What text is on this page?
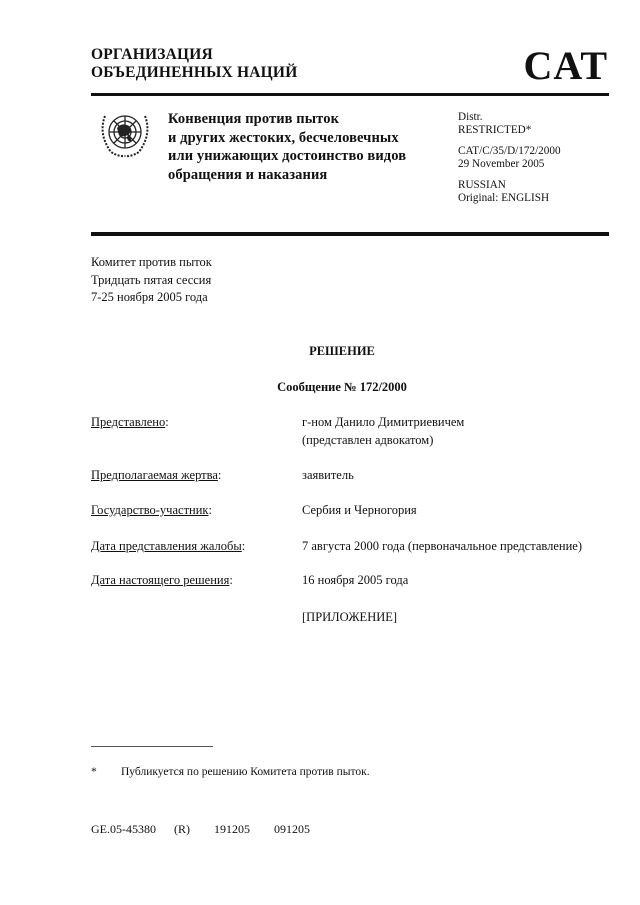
ОРГАНИЗАЦИЯ
ОБЪЕДИНЕННЫХ НАЦИЙ	CAT
Конвенция против пыток
и других жестоких, бесчеловечных
или унижающих достоинство видов
обращения и наказания
Distr.
RESTRICTED*
CAT/C/35/D/172/2000
29 November 2005
RUSSIAN
Original: ENGLISH
Комитет против пыток
Тридцать пятая сессия
7-25 ноября 2005 года
РЕШЕНИЕ
Сообщение № 172/2000
Представлено:	г-ном Данило Димитриевичем
(представлен адвокатом)
Предполагаемая жертва:	заявитель
Государство-участник:	Сербия и Черногория
Дата представления жалобы:	7 августа 2000 года (первоначальное представление)
Дата настоящего решения:	16 ноября 2005 года
[ПРИЛОЖЕНИЕ]
* Публикуется по решению Комитета против пыток.
GE.05-45380   (R)    191205    091205
